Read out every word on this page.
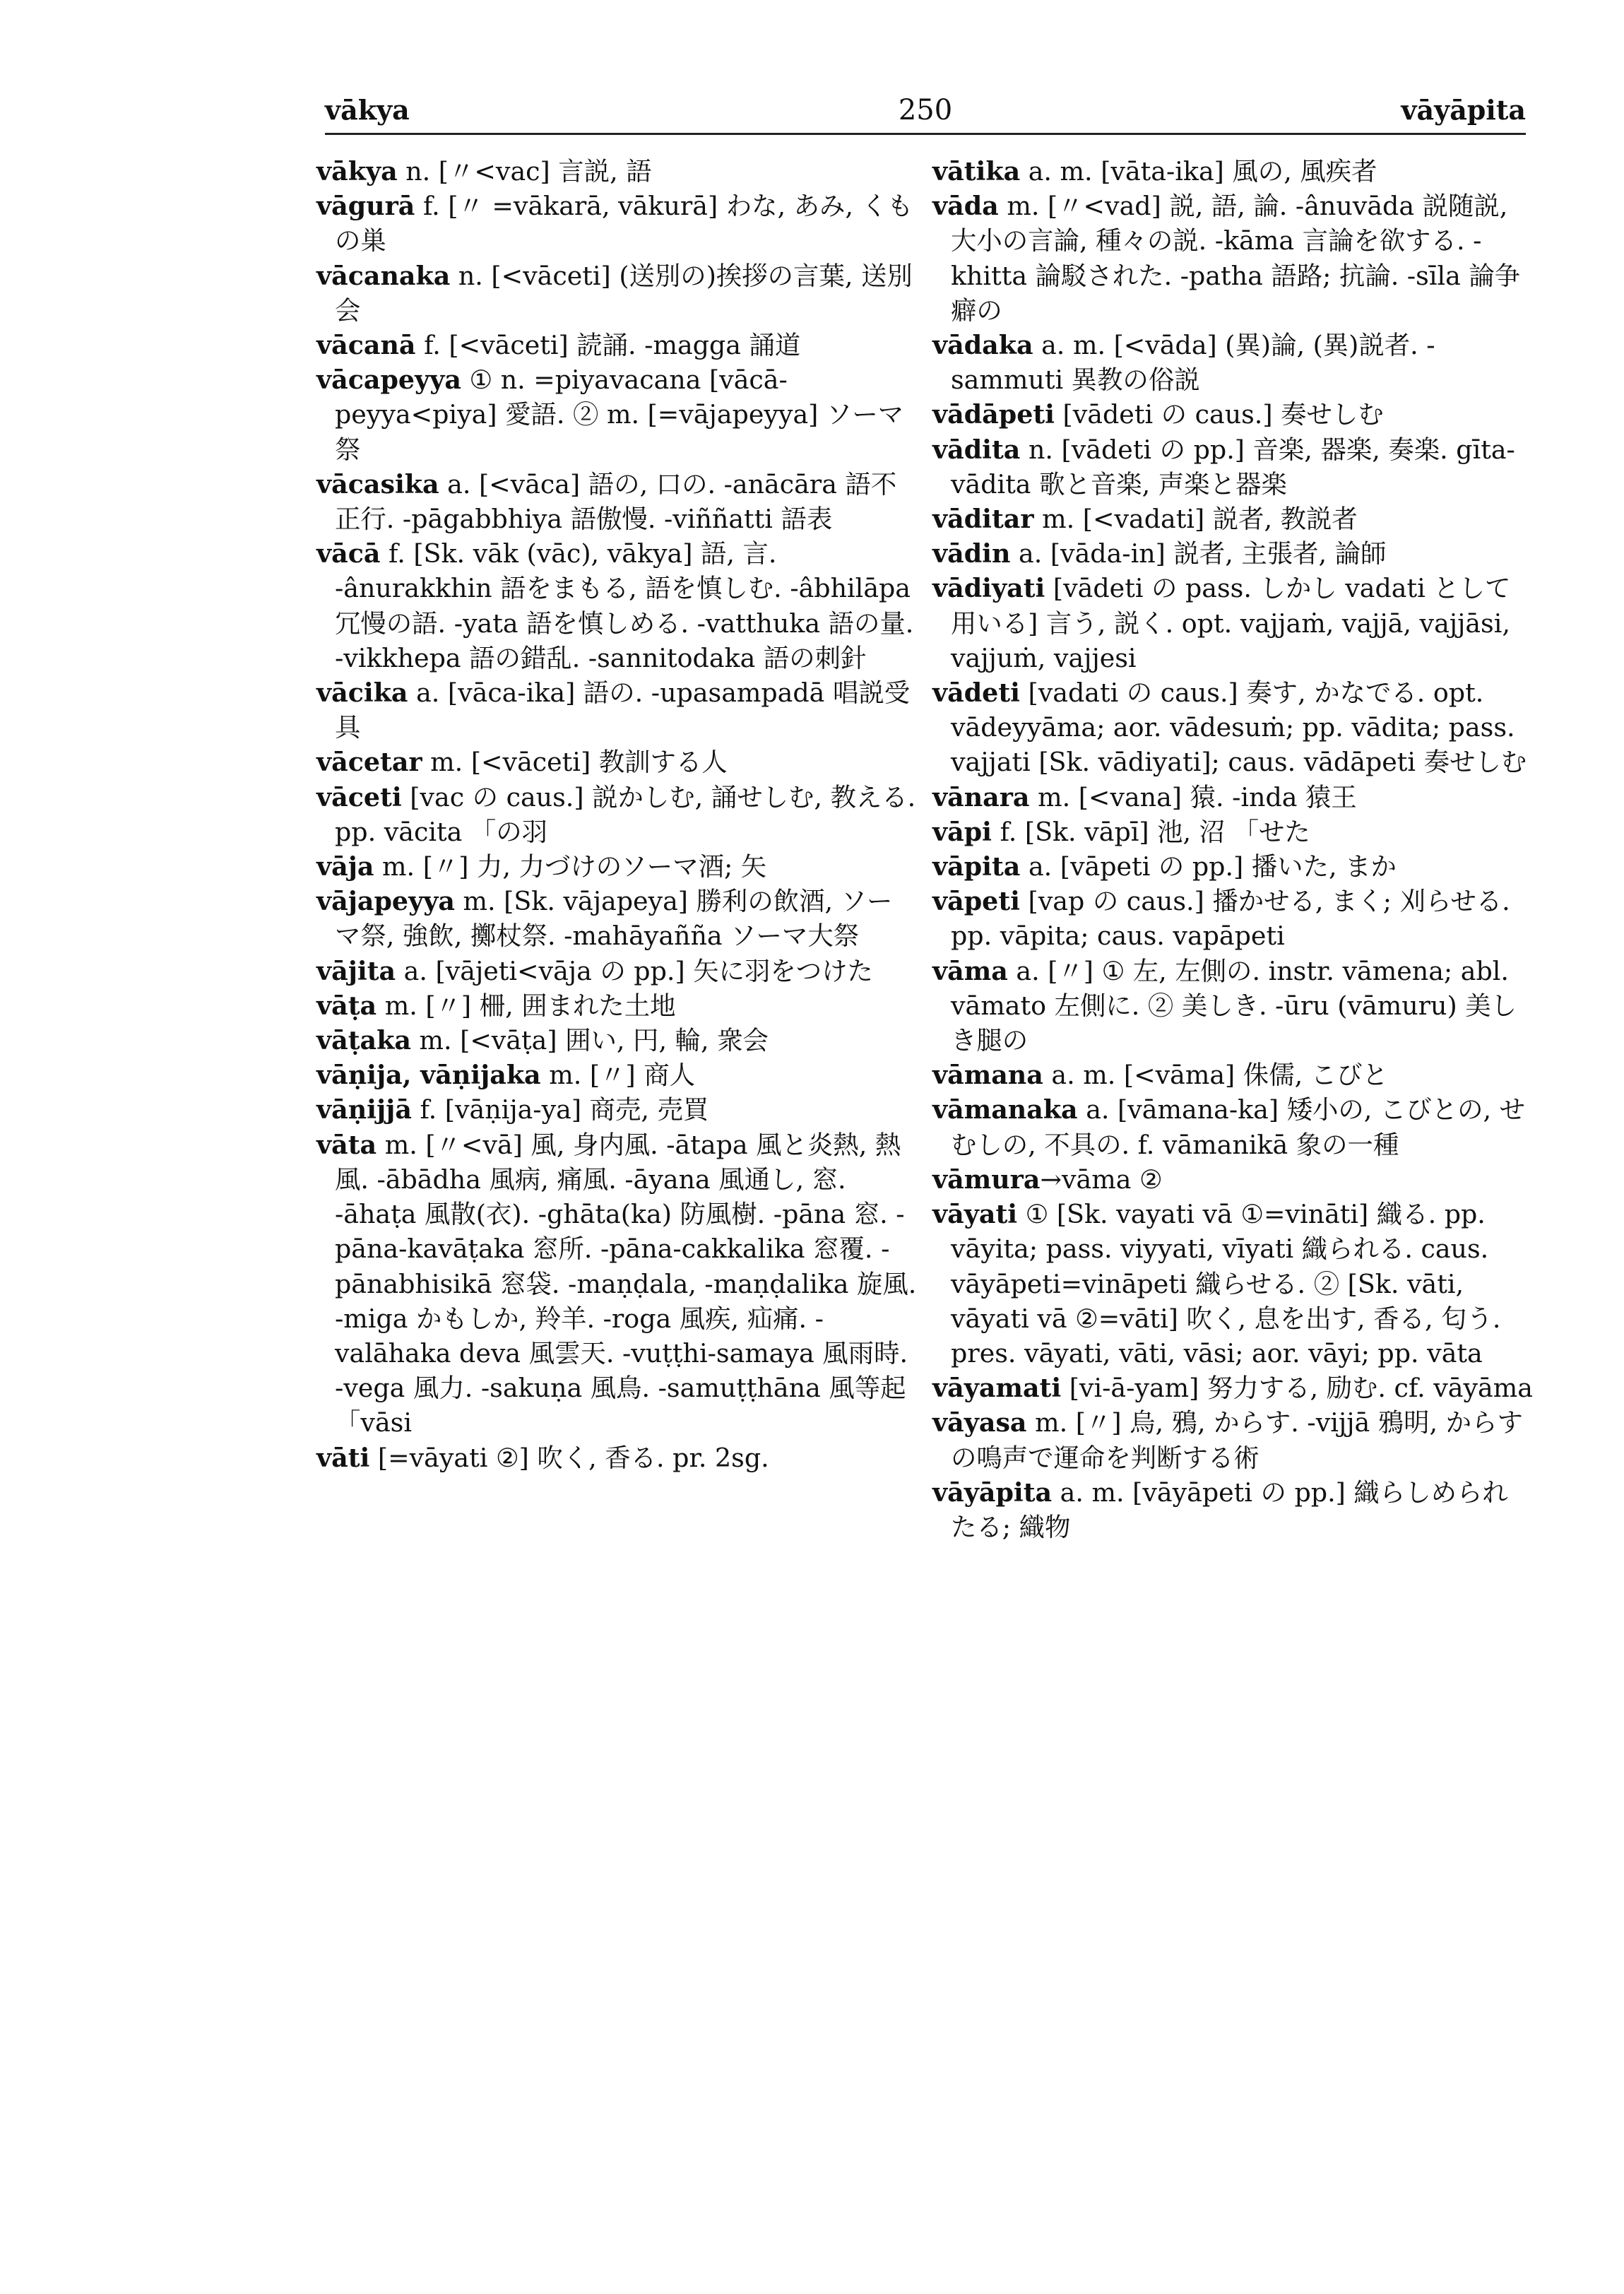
vākya	250	vāyāpita

vākya n. [〃<vac] 言説, 語

vāgurā f. [〃 =vākarā, vākurā] わな, あみ, くもの巣

vācanaka n. [<vāceti] (送別の)挨拶の言葉, 送別会

vācanā f. [<vāceti] 読誦. -magga 誦道

vācapeyya ① n. =piyavacana [vācā-peyya<piya] 愛語. ② m. [=vājapeyya] ソーマ祭

vācasika a. [<vāca] 語の, 口の. -anācāra 語不正行. -pāgabbhiya 語傲慢. -viññatti 語表

vācā f. [Sk. vāk (vāc), vākya] 語, 言. -ânurakkhin 語をまもる, 語を慎しむ. -âbhilāpa 冗慢の語. -yata 語を慎しめる. -vatthuka 語の量. -vikkhepa 語の錯乱. -sannitodaka 語の刺針

vācika a. [vāca-ika] 語の. -upasampadā 唱説受具

vācetar m. [<vāceti] 教訓する人

vāceti [vac の caus.] 説かしむ, 誦せしむ, 教える. pp. vācita 「の羽

vāja m. [〃] 力, 力づけのソーマ酒; 矢

vājapeyya m. [Sk. vājapeya] 勝利の飲酒, ソーマ祭, 強飲, 擲杖祭. -mahāyañña ソーマ大祭

vājita a. [vājeti<vāja の pp.] 矢に羽をつけた

vāṭa m. [〃] 柵, 囲まれた土地

vāṭaka m. [<vāṭa] 囲い, 円, 輪, 衆会

vāṇija, vāṇijaka m. [〃] 商人

vāṇijjā f. [vāṇija-ya] 商売, 売買

vāta m. [〃<vā] 風, 身内風. -ātapa 風と炎熱, 熱風. -ābādha 風病, 痛風. -āyana 風通し, 窓. -āhaṭa 風散(衣). -ghāta(ka) 防風樹. -pāna 窓. -pāna-kavāṭaka 窓所. -pāna-cakkalika 窓覆. -pānabhisikā 窓袋. -maṇḍala, -maṇḍalika 旋風. -miga かもしか, 羚羊. -roga 風疾, 疝痛. -valāhaka deva 風雲天. -vuṭṭhi-samaya 風雨時. -vega 風力. -sakuṇa 風鳥. -samuṭṭhāna 風等起 「vāsi

vāti [=vāyati ②] 吹く, 香る. pr. 2sg.

vātika a. m. [vāta-ika] 風の, 風疾者

vāda m. [〃<vad] 説, 語, 論. -ânuvāda 説随説, 大小の言論, 種々の説. -kāma 言論を欲する. -khitta 論駁された. -patha 語路; 抗論. -sīla 論争癖の

vādaka a. m. [<vāda] (異)論, (異)説者. -sammuti 異教の俗説

vādāpeti [vādeti の caus.] 奏せしむ

vādita n. [vādeti の pp.] 音楽, 器楽, 奏楽. gīta-vādita 歌と音楽, 声楽と器楽

vāditar m. [<vadati] 説者, 教説者

vādin a. [vāda-in] 説者, 主張者, 論師

vādiyati [vādeti の pass. しかし vadati として用いる] 言う, 説く. opt. vajjaṁ, vajjā, vajjāsi, vajjuṁ, vajjesi

vādeti [vadati の caus.] 奏す, かなでる. opt. vādeyyāma; aor. vādesuṁ; pp. vādita; pass. vajjati [Sk. vādiyati]; caus. vādāpeti 奏せしむ

vānara m. [<vana] 猿. -inda 猿王

vāpi f. [Sk. vāpī] 池, 沼 「せた

vāpita a. [vāpeti の pp.] 播いた, まか

vāpeti [vap の caus.] 播かせる, まく; 刈らせる. pp. vāpita; caus. vapāpeti

vāma a. [〃] ① 左, 左側の. instr. vāmena; abl. vāmato 左側に. ② 美しき. -ūru (vāmuru) 美しき腿の

vāmana a. m. [<vāma] 侏儒, こびと

vāmanaka a. [vāmana-ka] 矮小の, こびとの, せむしの, 不具の. f. vāmanikā 象の一種

vāmura→vāma ②

vāyati ① [Sk. vayati vā ①=vināti] 織る. pp. vāyita; pass. viyyati, vīyati 織られる. caus. vāyāpeti=vināpeti 織らせる. ② [Sk. vāti, vāyati vā ②=vāti] 吹く, 息を出す, 香る, 匂う. pres. vāyati, vāti, vāsi; aor. vāyi; pp. vāta

vāyamati [vi-ā-yam] 努力する, 励む. cf. vāyāma

vāyasa m. [〃] 烏, 鴉, からす. -vijjā 鴉明, からすの鳴声で運命を判断する術

vāyāpita a. m. [vāyāpeti の pp.] 織らしめられたる; 織物
